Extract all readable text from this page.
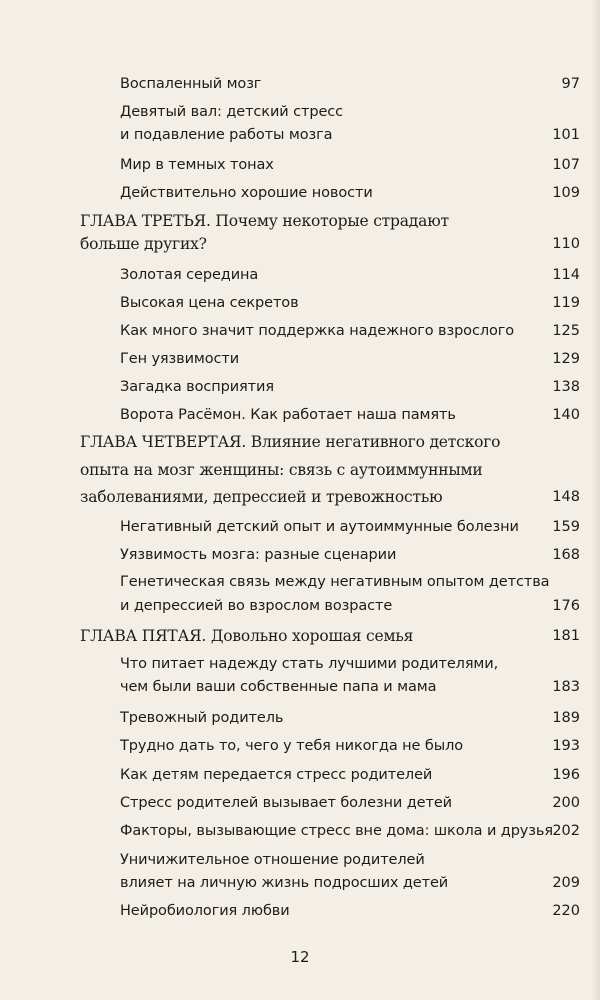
Воспаленный мозг	97
Девятый вал: детский стресс
и подавление работы мозга	101
Мир в темных тонах	107
Действительно хорошие новости	109
ГЛАВА ТРЕТЬЯ. Почему некоторые страдают
больше других?	110
Золотая середина	114
Высокая цена секретов	119
Как много значит поддержка надежного взрослого	125
Ген уязвимости	129
Загадка восприятия	138
Ворота Расёмон. Как работает наша память	140
ГЛАВА ЧЕТВЕРТАЯ. Влияние негативного детского
опыта на мозг женщины: связь с аутоиммунными
заболеваниями, депрессией и тревожностью	148
Негативный детский опыт и аутоиммунные болезни 159
Уязвимость мозга: разные сценарии	168
Генетическая связь между негативным опытом детства
и депрессией во взрослом возрасте	176
ГЛАВА ПЯТАЯ. Довольно хорошая семья	181
Что питает надежду стать лучшими родителями,
чем были ваши собственные папа и мама	183
Тревожный родитель	189
Трудно дать то, чего у тебя никогда не было	193
Как детям передается стресс родителей	196
Стресс родителей вызывает болезни детей	200
Факторы, вызывающие стресс вне дома: школа и друзья 202
Уничижительное отношение родителей
влияет на личную жизнь подросших детей	209
Нейробиология любви	220
12
